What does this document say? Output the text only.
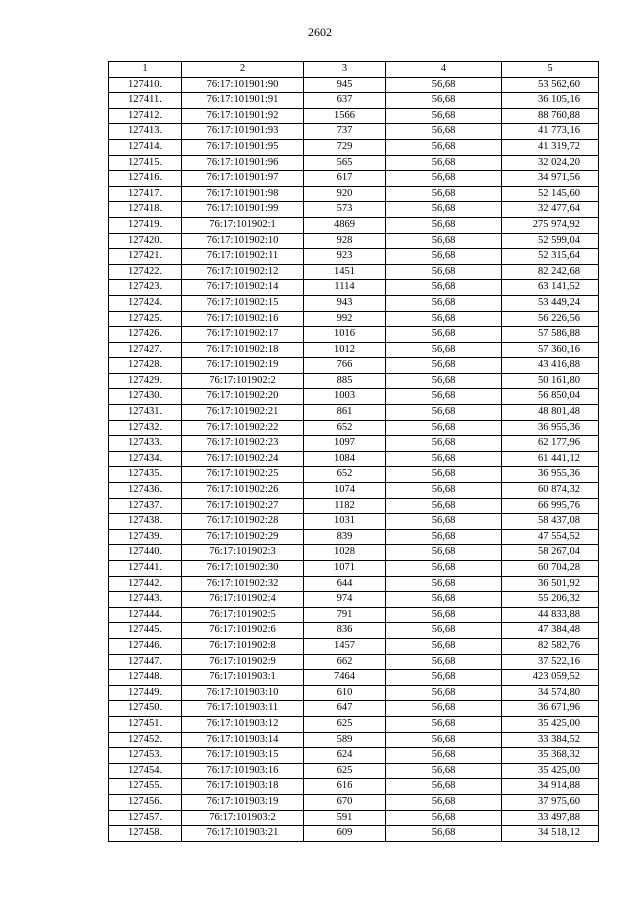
2602
1	2	3	4	5
127410.	76:17:101901:90	945	56,68	53 562,60
127411.	76:17:101901:91	637	56,68	36 105,16
127412.	76:17:101901:92	1566	56,68	88 760,88
127413.	76:17:101901:93	737	56,68	41 773,16
127414.	76:17:101901:95	729	56,68	41 319,72
127415.	76:17:101901:96	565	56,68	32 024,20
127416.	76:17:101901:97	617	56,68	34 971,56
127417.	76:17:101901:98	920	56,68	52 145,60
127418.	76:17:101901:99	573	56,68	32 477,64
127419.	76:17:101902:1	4869	56,68	275 974,92
127420.	76:17:101902:10	928	56,68	52 599,04
127421.	76:17:101902:11	923	56,68	52 315,64
127422.	76:17:101902:12	1451	56,68	82 242,68
127423.	76:17:101902:14	1114	56,68	63 141,52
127424.	76:17:101902:15	943	56,68	53 449,24
127425.	76:17:101902:16	992	56,68	56 226,56
127426.	76:17:101902:17	1016	56,68	57 586,88
127427.	76:17:101902:18	1012	56,68	57 360,16
127428.	76:17:101902:19	766	56,68	43 416,88
127429.	76:17:101902:2	885	56,68	50 161,80
127430.	76:17:101902:20	1003	56,68	56 850,04
127431.	76:17:101902:21	861	56,68	48 801,48
127432.	76:17:101902:22	652	56,68	36 955,36
127433.	76:17:101902:23	1097	56,68	62 177,96
127434.	76:17:101902:24	1084	56,68	61 441,12
127435.	76:17:101902:25	652	56,68	36 955,36
127436.	76:17:101902:26	1074	56,68	60 874,32
127437.	76:17:101902:27	1182	56,68	66 995,76
127438.	76:17:101902:28	1031	56,68	58 437,08
127439.	76:17:101902:29	839	56,68	47 554,52
127440.	76:17:101902:3	1028	56,68	58 267,04
127441.	76:17:101902:30	1071	56,68	60 704,28
127442.	76:17:101902:32	644	56,68	36 501,92
127443.	76:17:101902:4	974	56,68	55 206,32
127444.	76:17:101902:5	791	56,68	44 833,88
127445.	76:17:101902:6	836	56,68	47 384,48
127446.	76:17:101902:8	1457	56,68	82 582,76
127447.	76:17:101902:9	662	56,68	37 522,16
127448.	76:17:101903:1	7464	56,68	423 059,52
127449.	76:17:101903:10	610	56,68	34 574,80
127450.	76:17:101903:11	647	56,68	36 671,96
127451.	76:17:101903:12	625	56,68	35 425,00
127452.	76:17:101903:14	589	56,68	33 384,52
127453.	76:17:101903:15	624	56,68	35 368,32
127454.	76:17:101903:16	625	56,68	35 425,00
127455.	76:17:101903:18	616	56,68	34 914,88
127456.	76:17:101903:19	670	56,68	37 975,60
127457.	76:17:101903:2	591	56,68	33 497,88
127458.	76:17:101903:21	609	56,68	34 518,12
